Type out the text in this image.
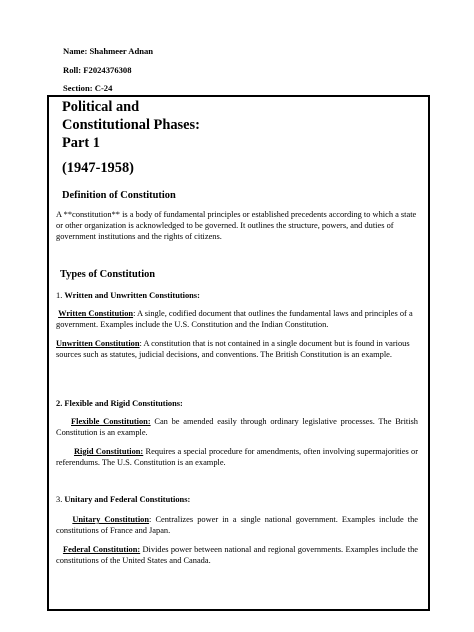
Name: Shahmeer Adnan
Roll: F2024376308
Section: C-24
Political and
Constitutional Phases:
Part 1
(1947-1958)
Definition of Constitution
A **constitution** is a body of fundamental principles or established precedents according to which a state or other organization is acknowledged to be governed. It outlines the structure, powers, and duties of government institutions and the rights of citizens.
Types of Constitution
1. Written and Unwritten Constitutions:
Written Constitution: A single, codified document that outlines the fundamental laws and principles of a government. Examples include the U.S. Constitution and the Indian Constitution.
Unwritten Constitution: A constitution that is not contained in a single document but is found in various sources such as statutes, judicial decisions, and conventions. The British Constitution is an example.
2. Flexible and Rigid Constitutions:
Flexible Constitution: Can be amended easily through ordinary legislative processes. The British Constitution is an example.
Rigid Constitution: Requires a special procedure for amendments, often involving supermajorities or referendums. The U.S. Constitution is an example.
3. Unitary and Federal Constitutions:
Unitary Constitution: Centralizes power in a single national government. Examples include the constitutions of France and Japan.
Federal Constitution: Divides power between national and regional governments. Examples include the constitutions of the United States and Canada.
